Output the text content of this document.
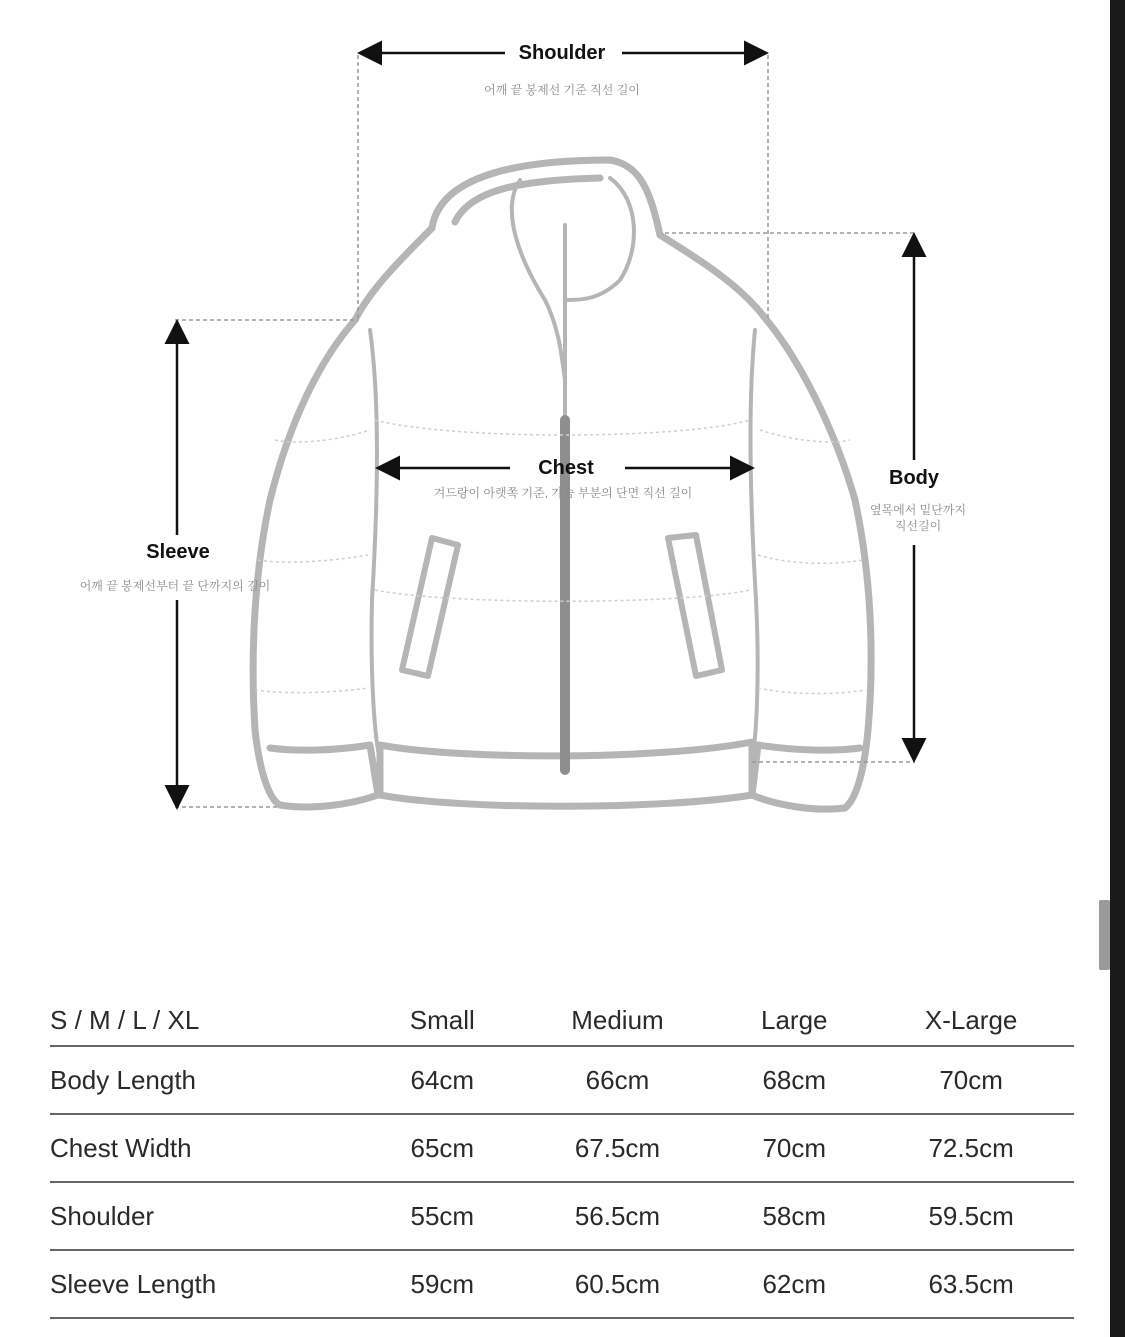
Shoulder
어깨 끝 봉제선 기준 직선 길이
Chest
겨드랑이 아랫쪽 기준, 가슴 부분의 단면 직선 길이
Body
옆목에서 밑단까지
직선길이
Sleeve
어깨 끝 봉제선부터 끝 단까지의 길이
S / M / L / XL	Small	Medium	Large	X-Large
Body Length	64cm	66cm	68cm	70cm
Chest Width	65cm	67.5cm	70cm	72.5cm
Shoulder	55cm	56.5cm	58cm	59.5cm
Sleeve Length	59cm	60.5cm	62cm	63.5cm
